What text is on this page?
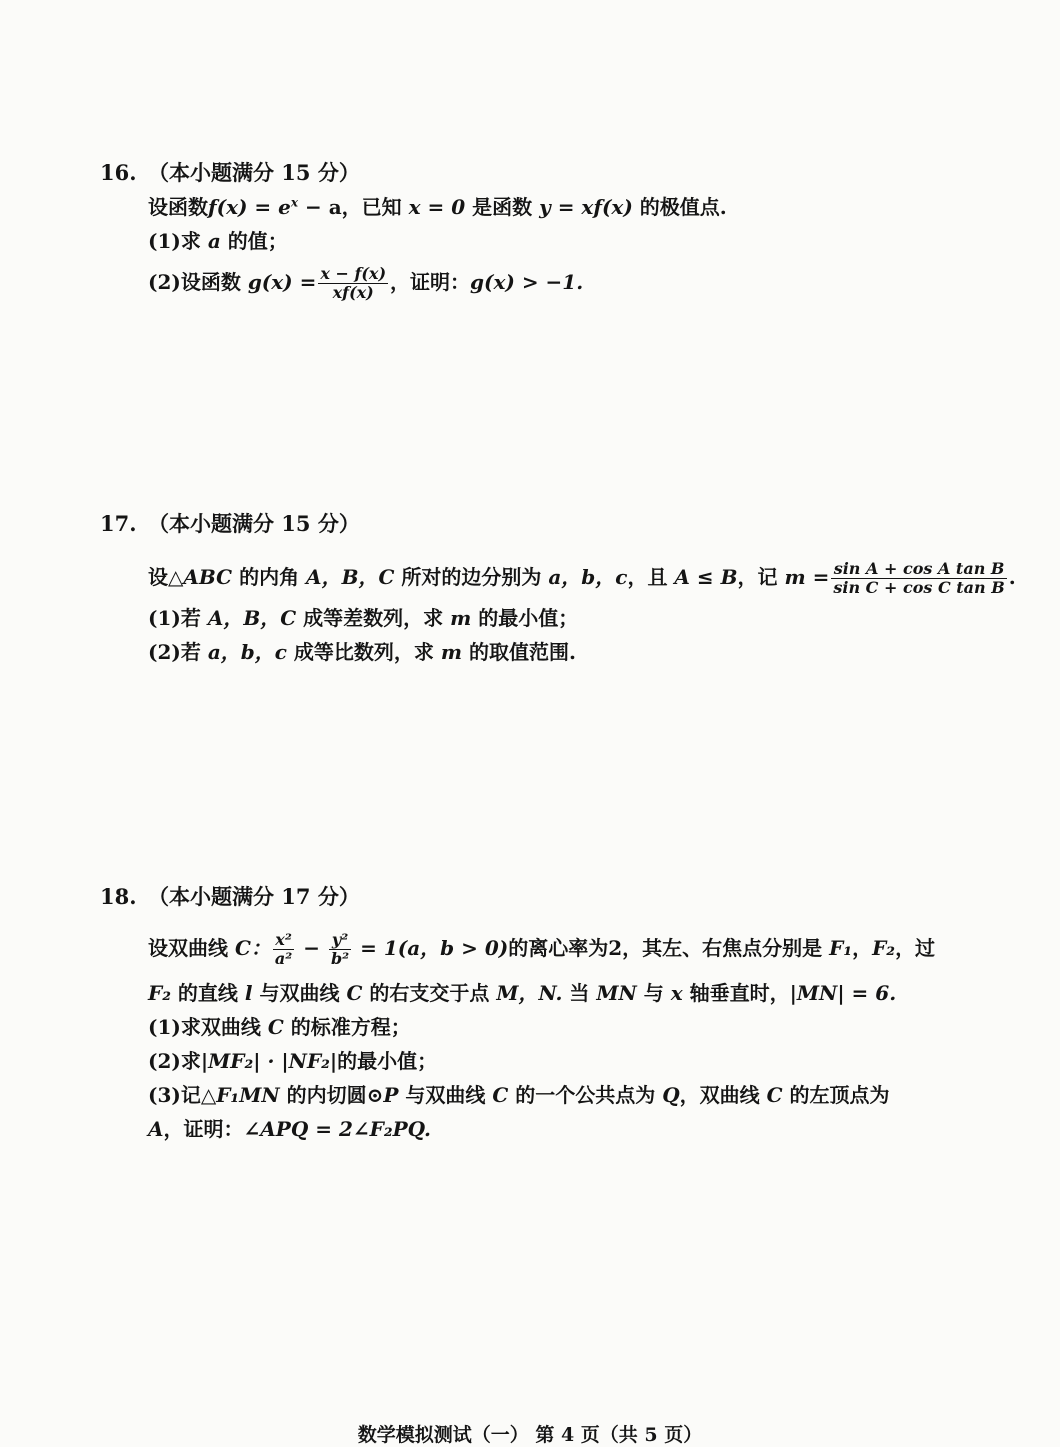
16. （本小题满分 15 分）
设函数$f(x) = e^x - a$，已知 x = 0 是函数 y = xf(x) 的极值点.
(1)求 a 的值；
(2)设函数 $g(x) = \frac{x - f(x)}{xf(x)}$ ，证明：g(x) > −1.
17. （本小题满分 15 分）
设△ABC 的内角 A，B，C 所对的边分别为 a，b，c，且 A ≤ B，记 $m = \frac{\text{sin A + cos A tan B}}{\text{sin C + cos C tan B}}$ .
(1)若 A，B，C 成等差数列，求 m 的最小值；
(2)若 a，b，c 成等比数列，求 m 的取值范围.
18. （本小题满分 17 分）
设双曲线 C： $\frac{\text{x²}}{\text{a²}} - \frac{\text{y²}}{\text{b²}} = 1(a$，b > 0)的离心率为2，其左、右焦点分别是 F₁，F₂，过
F₂ 的直线 l 与双曲线 C 的右支交于点 M，N. 当 MN 与 x 轴垂直时，|MN| = 6.
(1)求双曲线 C 的标准方程；
(2)求|MF₂| · |NF₂|的最小值；
(3)记△F₁MN 的内切圆⊙P 与双曲线 C 的一个公共点为 Q，双曲线 C 的左顶点为
A，证明：∠APQ = 2∠F₂PQ.
数学模拟测试（一） 第 4 页（共 5 页）
